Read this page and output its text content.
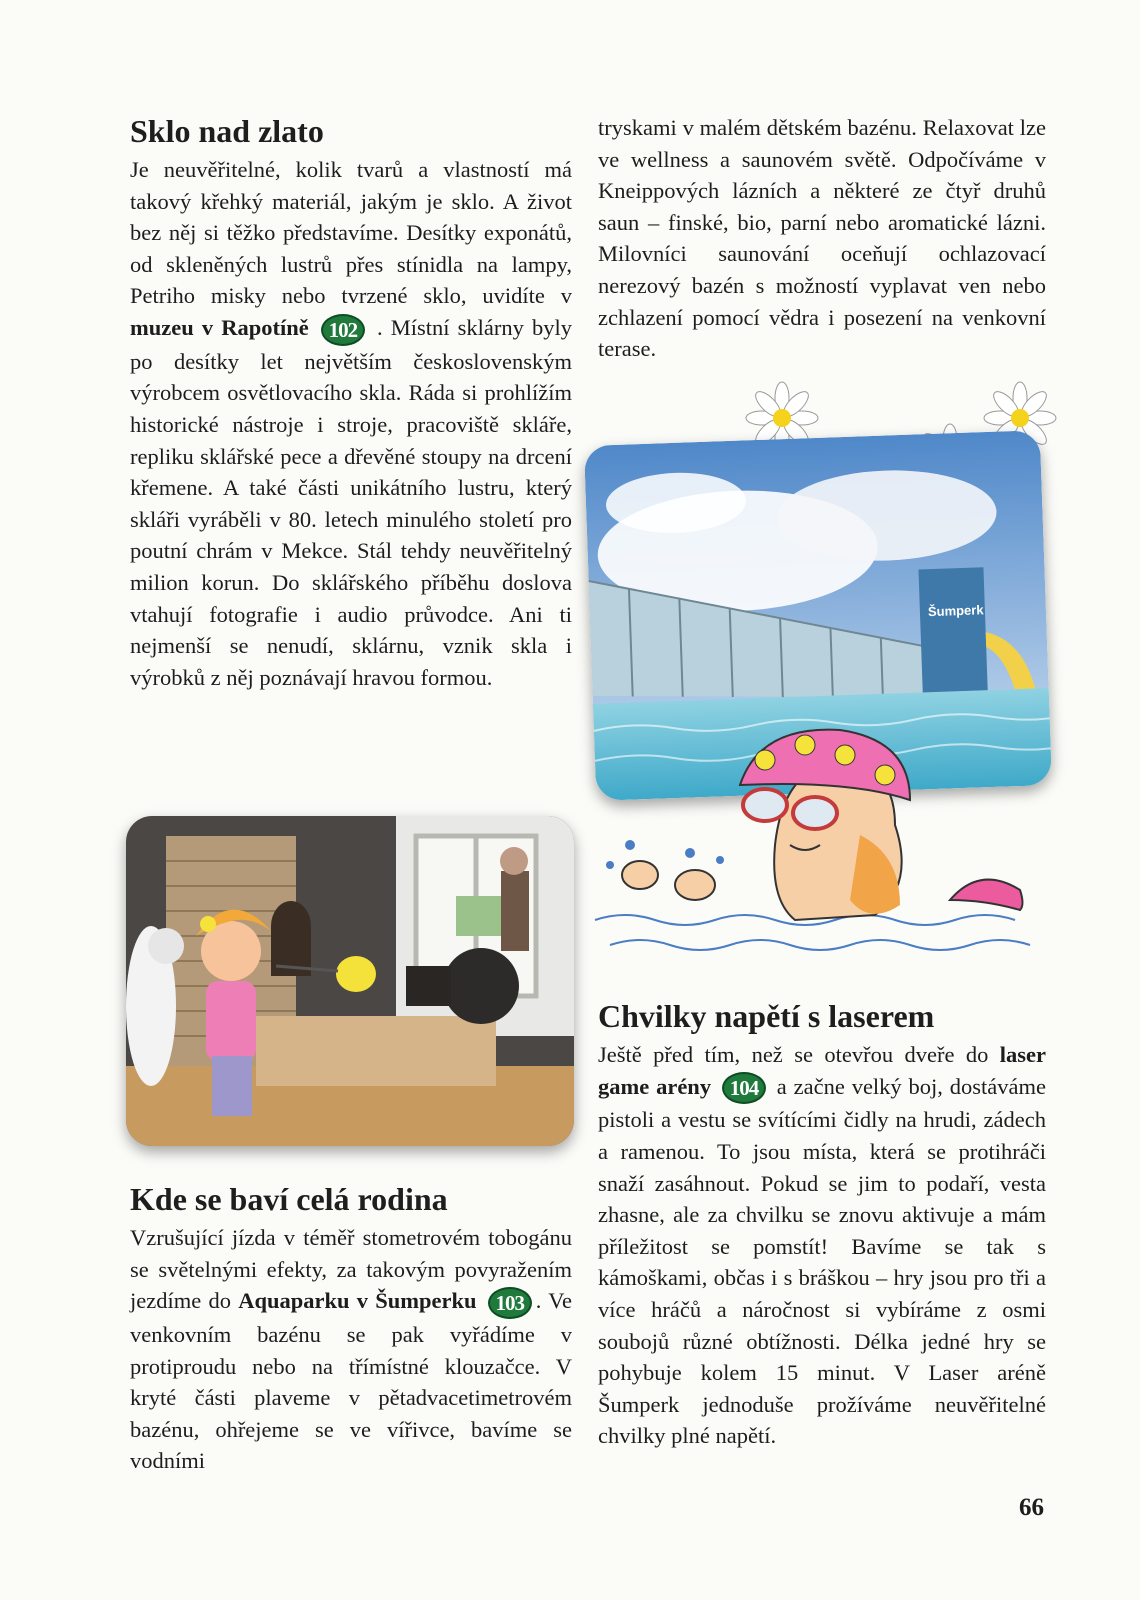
Sklo nad zlato

Je neuvěřitelné, kolik tvarů a vlastností má takový křehký materiál, jakým je sklo. A život bez něj si těžko představíme. Desítky exponátů, od skleněných lustrů přes stínidla na lampy, Petriho misky nebo tvrzené sklo, uvidíte v muzeu v Rapotíně 102 . Místní sklárny byly po desítky let největším československým výrobcem osvětlovacího skla. Ráda si prohlížím historické nástroje i stroje, pracoviště skláře, repliku sklářské pece a dřevěné stoupy na drcení křemene. A také části unikátního lustru, který skláři vyráběli v 80. letech minulého století pro poutní chrám v Mekce. Stál tehdy neuvěřitelný milion korun. Do sklářského příběhu doslova vtahují fotografie i audio průvodce. Ani ti nejmenší se nenudí, sklárnu, vznik skla i výrobků z něj poznávají hravou formou.

Kde se baví celá rodina

Vzrušující jízda v téměř stometrovém tobogánu se světelnými efekty, za takovým povyražením jezdíme do Aquaparku v Šumperku 103 . Ve venkovním bazénu se pak vyřádíme v protiproudu nebo na třímístné klouzačce. V kryté části plaveme v pětadvacetimetrovém bazénu, ohřejeme se ve vířivce, bavíme se vodními

tryskami v malém dětském bazénu. Relaxovat lze ve wellness a saunovém světě. Odpočíváme v Kneippových lázních a některé ze čtyř druhů saun – finské, bio, parní nebo aromatické lázni. Milovníci saunování oceňují ochlazovací nerezový bazén s možností vyplavat ven nebo zchlazení pomocí vědra i posezení na venkovní terase.

Šumperk
Chvilky napětí s laserem

Ještě před tím, než se otevřou dveře do laser game arény 104 a začne velký boj, dostáváme pistoli a vestu se svítícími čidly na hrudi, zádech a ramenou. To jsou místa, která se protihráči snaží zasáhnout. Pokud se jim to podaří, vesta zhasne, ale za chvilku se znovu aktivuje a mám příležitost se pomstít! Bavíme se tak s kámoškami, občas i s bráškou – hry jsou pro tři a více hráčů a náročnost si vybíráme z osmi soubojů různé obtížnosti. Délka jedné hry se pohybuje kolem 15 minut. V Laser aréně Šumperk jednoduše prožíváme neuvěřitelné chvilky plné napětí.

66
